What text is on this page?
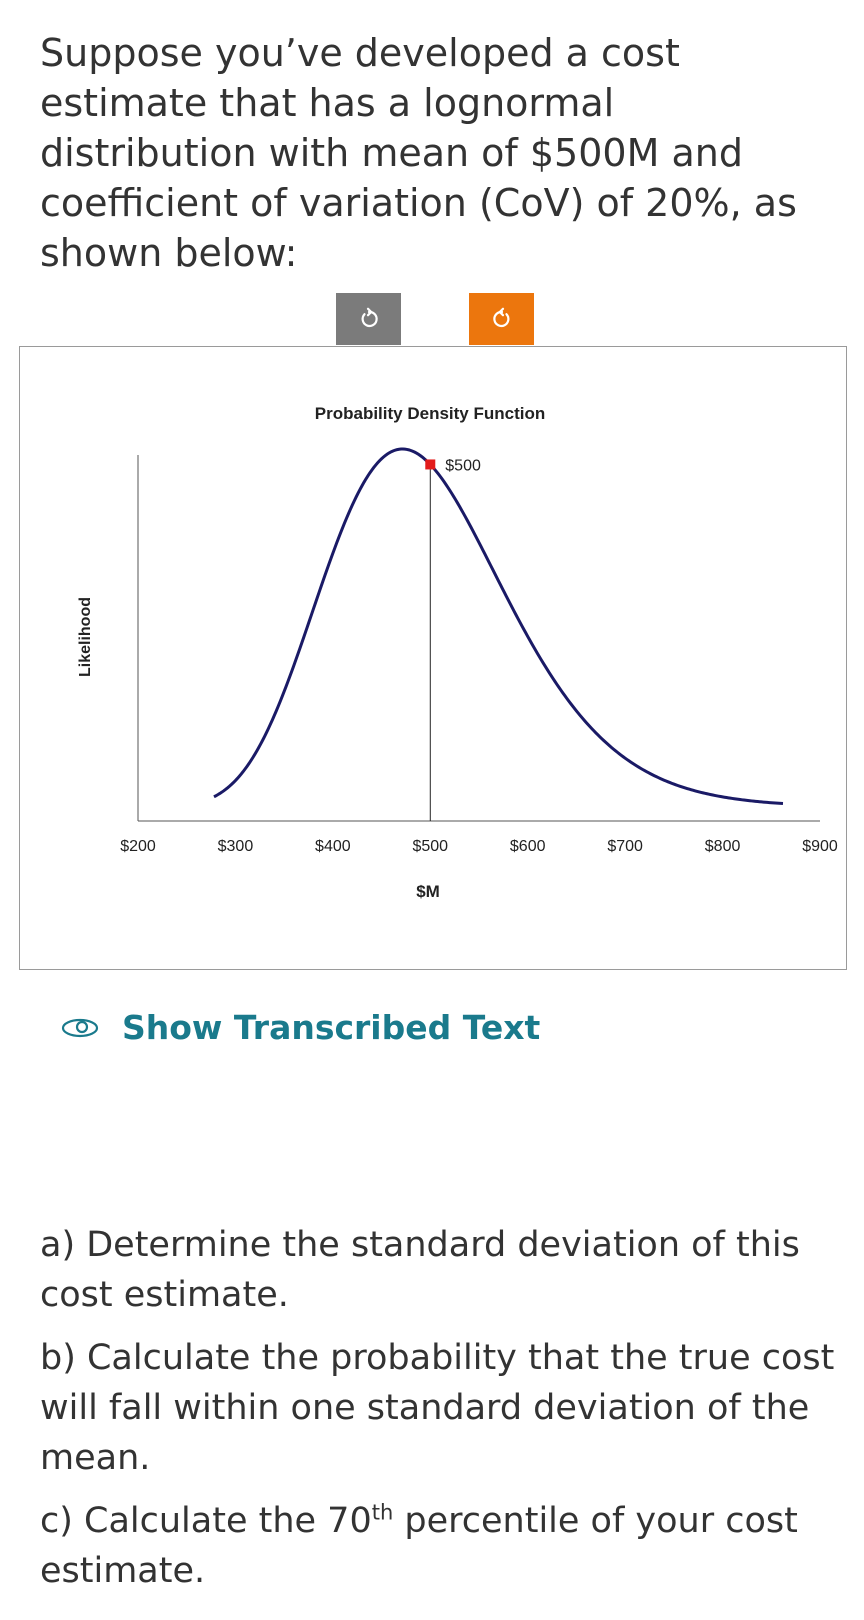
Suppose you’ve developed a cost estimate that has a lognormal distribution with mean of $500M and coefficient of variation (CoV) of 20%, as shown below:

Probability Density Function
Likelihood
$M
$200	$300	$400	$500	$600	$700	$800	$900
$500
Show Transcribed Text

a) Determine the standard deviation of this cost estimate.

b) Calculate the probability that the true cost will fall within one standard deviation of the mean.

c) Calculate the 70th percentile of your cost estimate.
